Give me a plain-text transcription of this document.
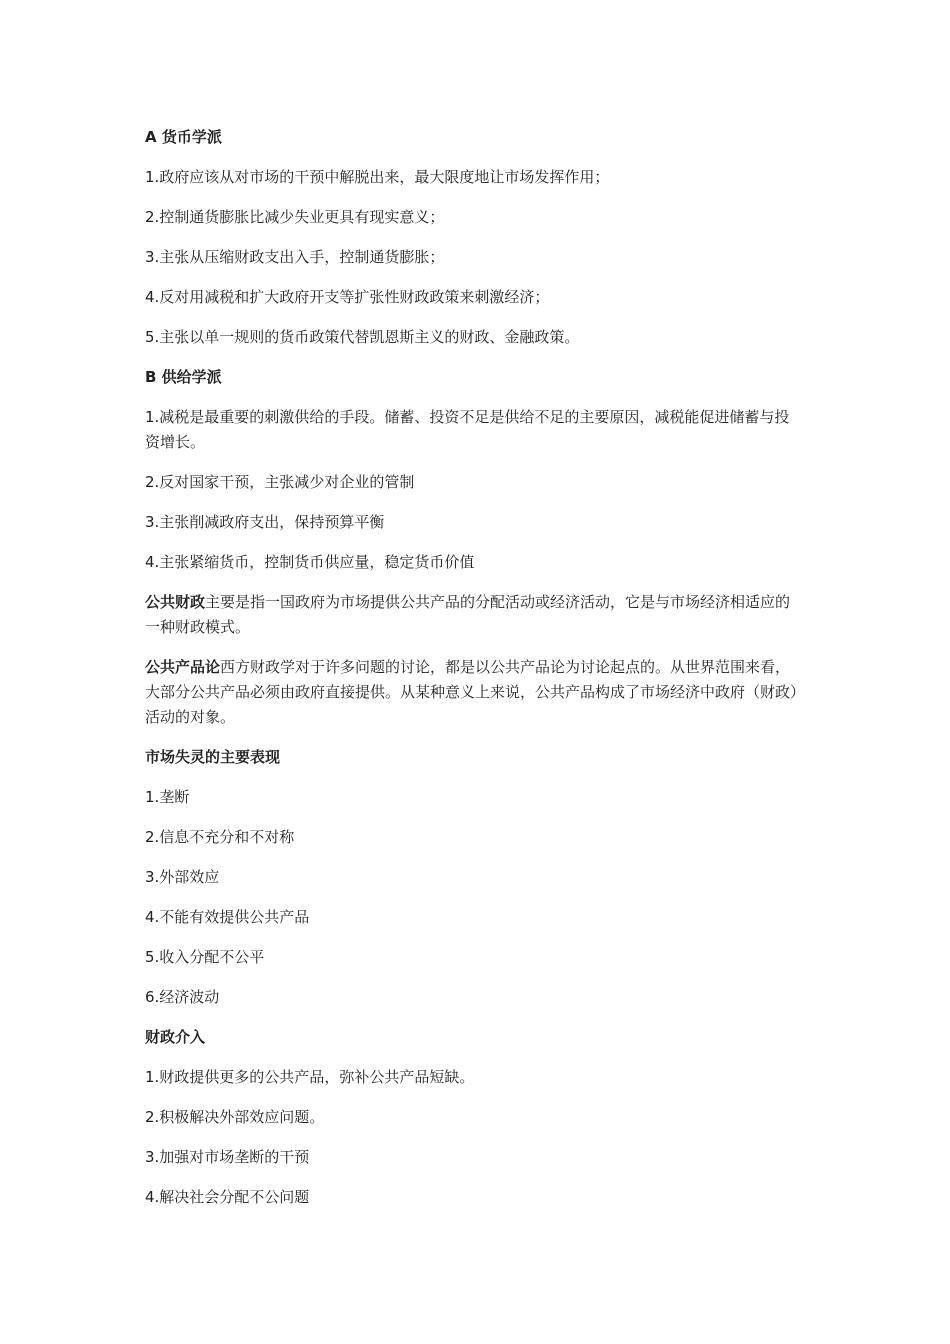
A 货币学派
1.政府应该从对市场的干预中解脱出来，最大限度地让市场发挥作用；
2.控制通货膨胀比减少失业更具有现实意义；
3.主张从压缩财政支出入手，控制通货膨胀；
4.反对用减税和扩大政府开支等扩张性财政政策来刺激经济；
5.主张以单一规则的货币政策代替凯恩斯主义的财政、金融政策。
B 供给学派
1.减税是最重要的刺激供给的手段。储蓄、投资不足是供给不足的主要原因，减税能促进储蓄与投资增长。
2.反对国家干预，主张减少对企业的管制
3.主张削减政府支出，保持预算平衡
4.主张紧缩货币，控制货币供应量，稳定货币价值
公共财政主要是指一国政府为市场提供公共产品的分配活动或经济活动，它是与市场经济相适应的一种财政模式。
公共产品论西方财政学对于许多问题的讨论，都是以公共产品论为讨论起点的。从世界范围来看，大部分公共产品必须由政府直接提供。从某种意义上来说，公共产品构成了市场经济中政府（财政）活动的对象。
市场失灵的主要表现
1.垄断
2.信息不充分和不对称
3.外部效应
4.不能有效提供公共产品
5.收入分配不公平
6.经济波动
财政介入
1.财政提供更多的公共产品，弥补公共产品短缺。
2.积极解决外部效应问题。
3.加强对市场垄断的干预
4.解决社会分配不公问题
